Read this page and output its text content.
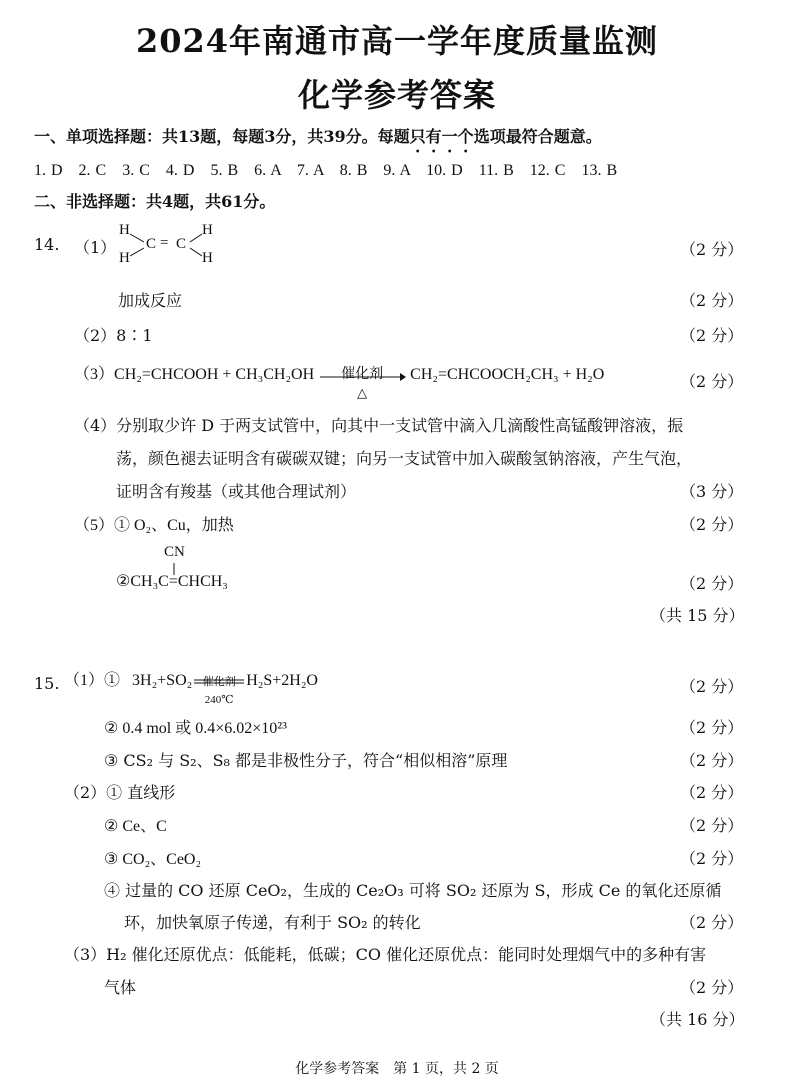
2024年南通市高一学年度质量监测
化学参考答案
一、单项选择题：共13题，每题3分，共39分。每题只有一个选项最符合题意。
1. D　2. C　3. C　4. D　5. B　6. A　7. A　8. B　9. A　10. D　11. B　12. C　13. B
二、非选择题：共4题，共61分。
14. （1）
H
H
C = C
H
H	（2 分）
加成反应	（2 分）
（2）8∶1	（2 分）
（3）CH₂=CHCOOH + CH₃CH₂OH	催化剂
△
CH₂=CHCOOCH₂CH₃ + H₂O	（2 分）
（4）分别取少许 D 于两支试管中，向其中一支试管中滴入几滴酸性高锰酸钾溶液，振
荡，颜色褪去证明含有碳碳双键；向另一支试管中加入碳酸氢钠溶液，产生气泡，
证明含有羧基（或其他合理试剂）	（3 分）
（5）① O₂、Cu，加热	（2 分）
CN
②CH₃C=CHCH₃	（2 分）
（共 15 分）
15. （1）① 3H₂+SO₂ 催化剂
240℃
H₂S+2H₂O	（2 分）
② 0.4 mol 或 0.4×6.02×10²³	（2 分）
③ CS₂ 与 S₂、S₈ 都是非极性分子，符合“相似相溶”原理	（2 分）
（2）① 直线形	（2 分）
② Ce、C	（2 分）
③ CO₂、CeO₂	（2 分）
④ 过量的 CO 还原 CeO₂，生成的 Ce₂O₃ 可将 SO₂ 还原为 S，形成 Ce 的氧化还原循
环，加快氧原子传递，有利于 SO₂ 的转化	（2 分）
（3）H₂ 催化还原优点：低能耗，低碳；CO 催化还原优点：能同时处理烟气中的多种有害
气体	（2 分）
（共 16 分）
化学参考答案　第 1 页，共 2 页
